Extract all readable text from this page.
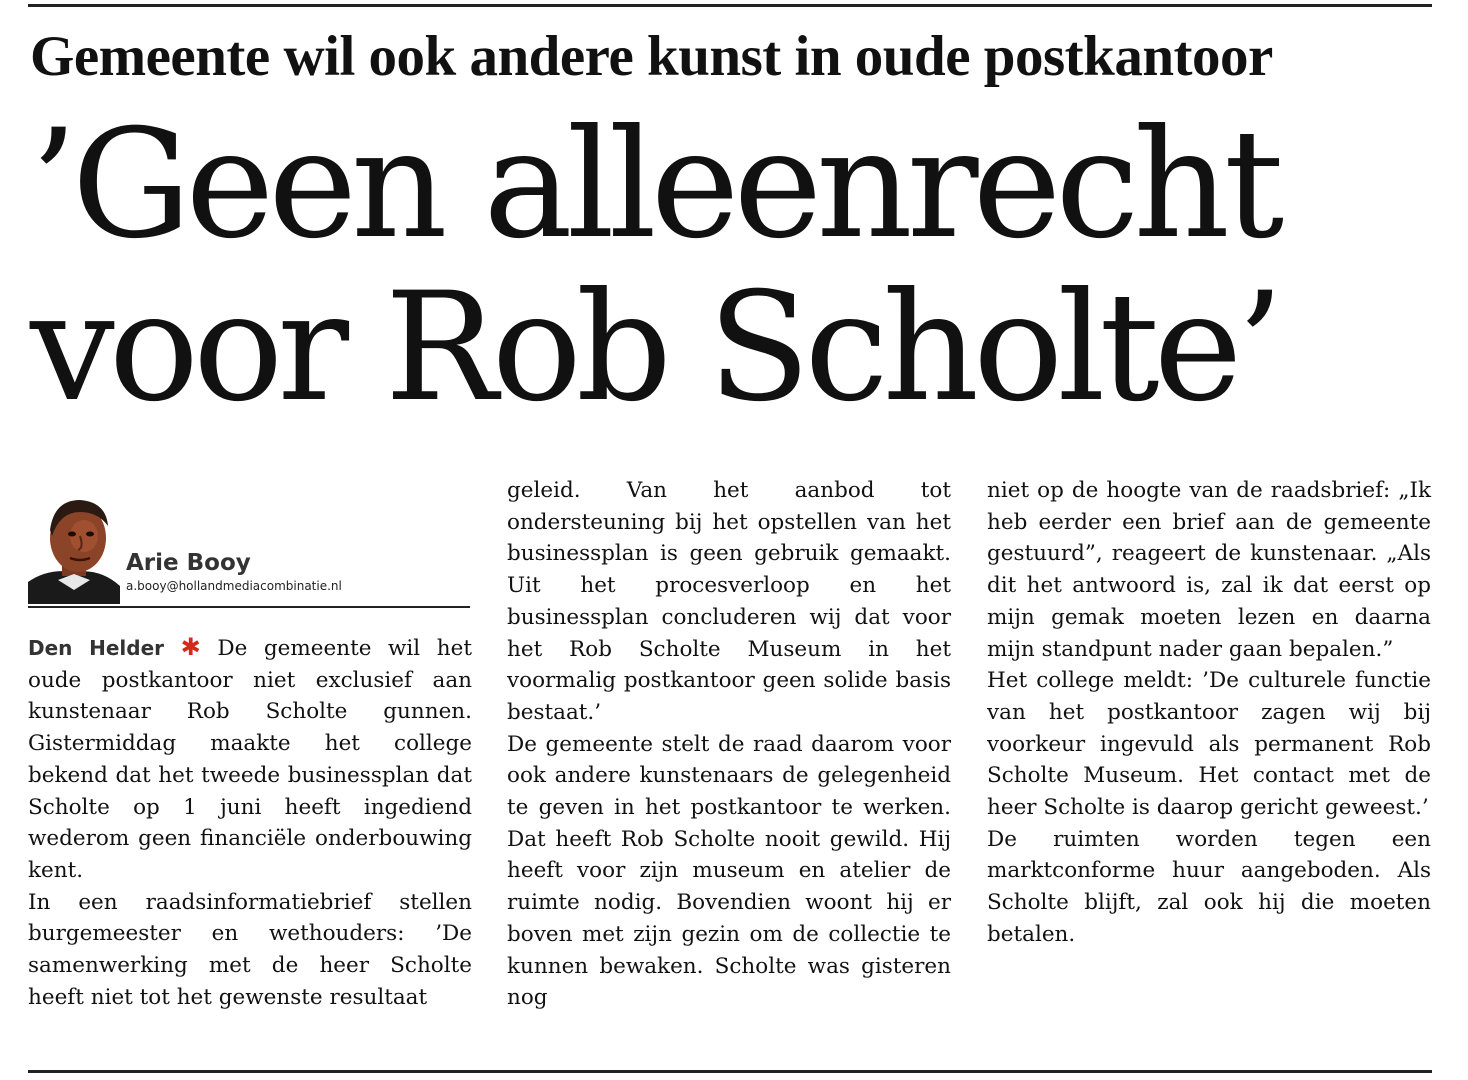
Gemeente wil ook andere kunst in oude postkantoor
’Geen alleenrecht
voor Rob Scholte’
Arie Booy
a.booy@hollandmediacombinatie.nl

Den Helder ✱ De gemeente wil het oude postkantoor niet exclusief aan kunstenaar Rob Scholte gunnen. Gistermiddag maakte het college bekend dat het tweede businessplan dat Scholte op 1 juni heeft ingediend wederom geen financiële onderbouwing kent.

In een raadsinformatiebrief stellen burgemeester en wethouders: ’De samenwerking met de heer Scholte heeft niet tot het gewenste resultaat

geleid. Van het aanbod tot ondersteuning bij het opstellen van het businessplan is geen gebruik gemaakt. Uit het procesverloop en het businessplan concluderen wij dat voor het Rob Scholte Museum in het voormalig postkantoor geen solide basis bestaat.’

De gemeente stelt de raad daarom voor ook andere kunstenaars de gelegenheid te geven in het postkantoor te werken. Dat heeft Rob Scholte nooit gewild. Hij heeft voor zijn museum en atelier de ruimte nodig. Bovendien woont hij er boven met zijn gezin om de collectie te kunnen bewaken. Scholte was gisteren nog

niet op de hoogte van de raadsbrief: „Ik heb eerder een brief aan de gemeente gestuurd”, reageert de kunstenaar. „Als dit het antwoord is, zal ik dat eerst op mijn gemak moeten lezen en daarna mijn standpunt nader gaan bepalen.”

Het college meldt: ’De culturele functie van het postkantoor zagen wij bij voorkeur ingevuld als permanent Rob Scholte Museum. Het contact met de heer Scholte is daarop gericht geweest.’

De ruimten worden tegen een marktconforme huur aangeboden. Als Scholte blijft, zal ook hij die moeten betalen.
